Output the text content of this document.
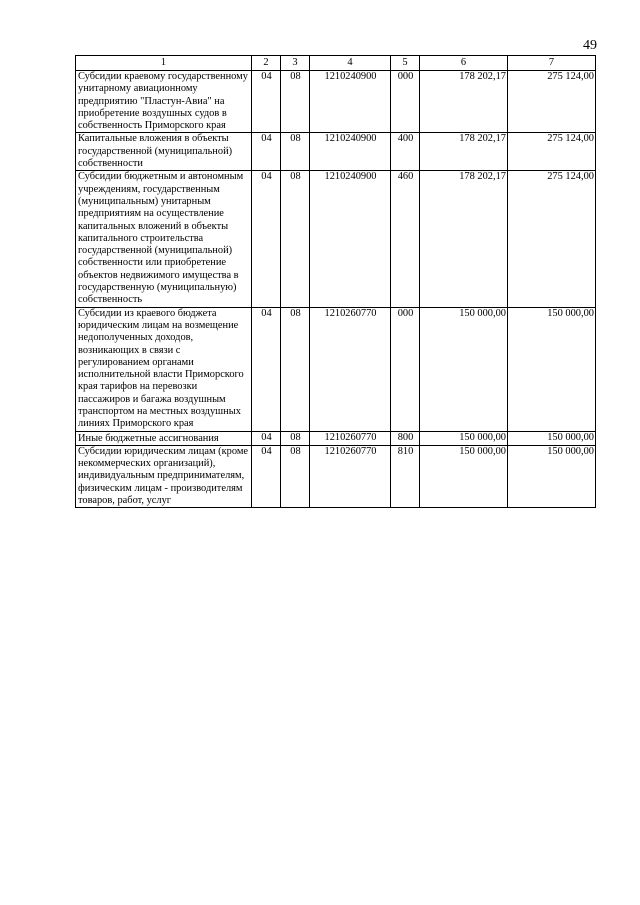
49
1	2	3	4	5	6	7
Субсидии краевому государственному унитарному авиационному предприятию "Пластун-Авиа" на приобретение воздушных судов в собственность Приморского края	04	08	1210240900	000	178 202,17	275 124,00
Капитальные вложения в объекты государственной (муниципальной) собственности	04	08	1210240900	400	178 202,17	275 124,00
Субсидии бюджетным и автономным учреждениям, государственным (муниципальным) унитарным предприятиям на осуществление капитальных вложений в объекты капитального строительства государственной (муниципальной) собственности или приобретение объектов недвижимого имущества в государственную (муниципальную) собственность	04	08	1210240900	460	178 202,17	275 124,00
Субсидии из краевого бюджета юридическим лицам на возмещение недополученных доходов, возникающих в связи с регулированием органами исполнительной власти Приморского края тарифов на перевозки пассажиров и багажа воздушным транспортом на местных воздушных линиях Приморского края	04	08	1210260770	000	150 000,00	150 000,00
Иные бюджетные ассигнования	04	08	1210260770	800	150 000,00	150 000,00
Субсидии юридическим лицам (кроме некоммерческих организаций), индивидуальным предпринимателям, физическим лицам - производителям товаров, работ, услуг	04	08	1210260770	810	150 000,00	150 000,00
